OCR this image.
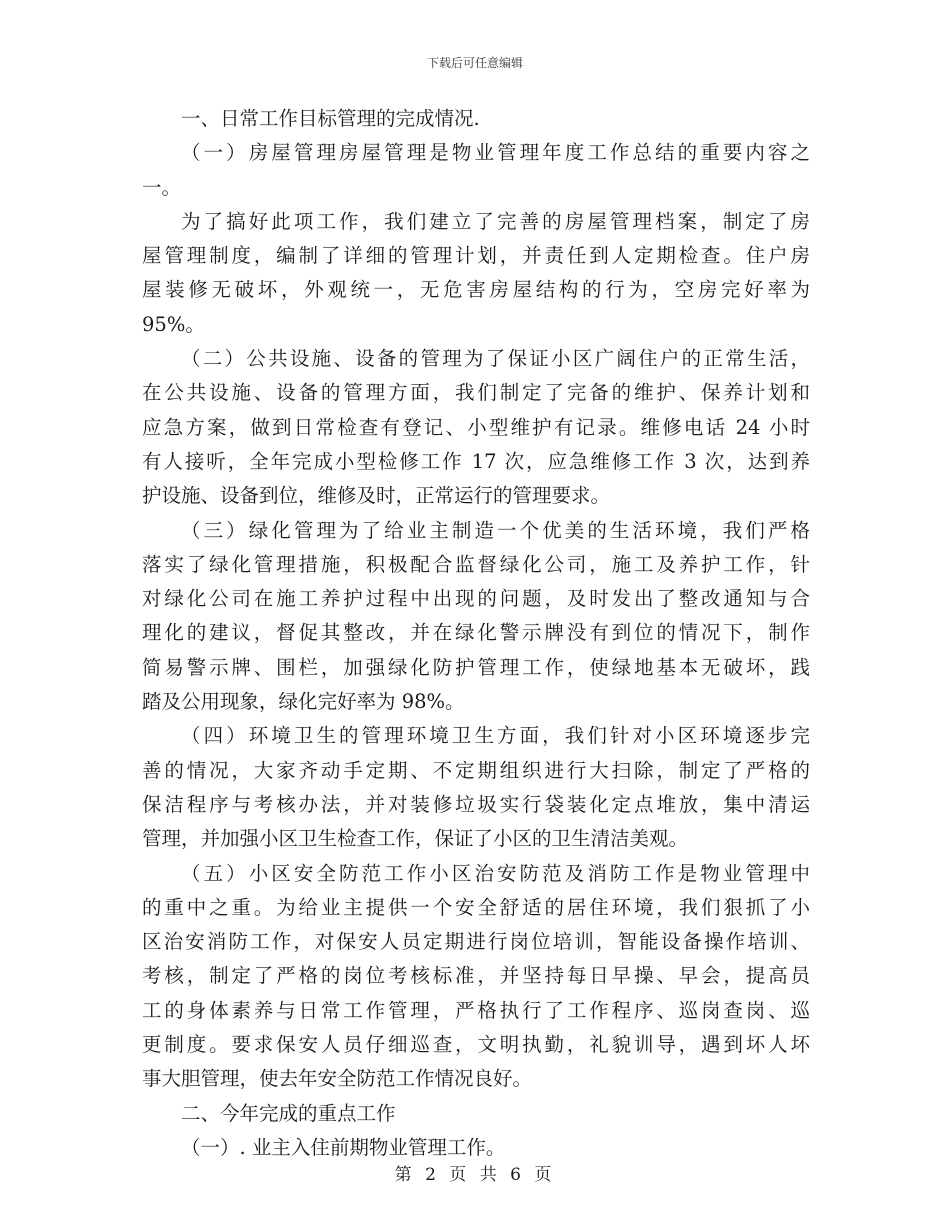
下载后可任意编辑
一、日常工作目标管理的完成情况.
（一）房屋管理房屋管理是物业管理年度工作总结的重要内容之
一。
为了搞好此项工作，我们建立了完善的房屋管理档案，制定了房
屋管理制度，编制了详细的管理计划，并责任到人定期检查。住户房
屋装修无破坏，外观统一，无危害房屋结构的行为，空房完好率为
95%。
（二）公共设施、设备的管理为了保证小区广阔住户的正常生活，
在公共设施、设备的管理方面，我们制定了完备的维护、保养计划和
应急方案，做到日常检查有登记、小型维护有记录。维修电话 24 小时
有人接听，全年完成小型检修工作 17 次，应急维修工作 3 次，达到养
护设施、设备到位，维修及时，正常运行的管理要求。
（三）绿化管理为了给业主制造一个优美的生活环境，我们严格
落实了绿化管理措施，积极配合监督绿化公司，施工及养护工作，针
对绿化公司在施工养护过程中出现的问题，及时发出了整改通知与合
理化的建议，督促其整改，并在绿化警示牌没有到位的情况下，制作
简易警示牌、围栏，加强绿化防护管理工作，使绿地基本无破坏，践
踏及公用现象，绿化完好率为 98%。
（四）环境卫生的管理环境卫生方面，我们针对小区环境逐步完
善的情况，大家齐动手定期、不定期组织进行大扫除，制定了严格的
保洁程序与考核办法，并对装修垃圾实行袋装化定点堆放，集中清运
管理，并加强小区卫生检查工作，保证了小区的卫生清洁美观。
（五）小区安全防范工作小区治安防范及消防工作是物业管理中
的重中之重。为给业主提供一个安全舒适的居住环境，我们狠抓了小
区治安消防工作，对保安人员定期进行岗位培训，智能设备操作培训、
考核，制定了严格的岗位考核标准，并坚持每日早操、早会，提高员
工的身体素养与日常工作管理，严格执行了工作程序、巡岗查岗、巡
更制度。要求保安人员仔细巡查，文明执勤，礼貌训导，遇到坏人坏
事大胆管理，使去年安全防范工作情况良好。
二、今年完成的重点工作
（一）. 业主入住前期物业管理工作。
第 2 页 共 6 页
